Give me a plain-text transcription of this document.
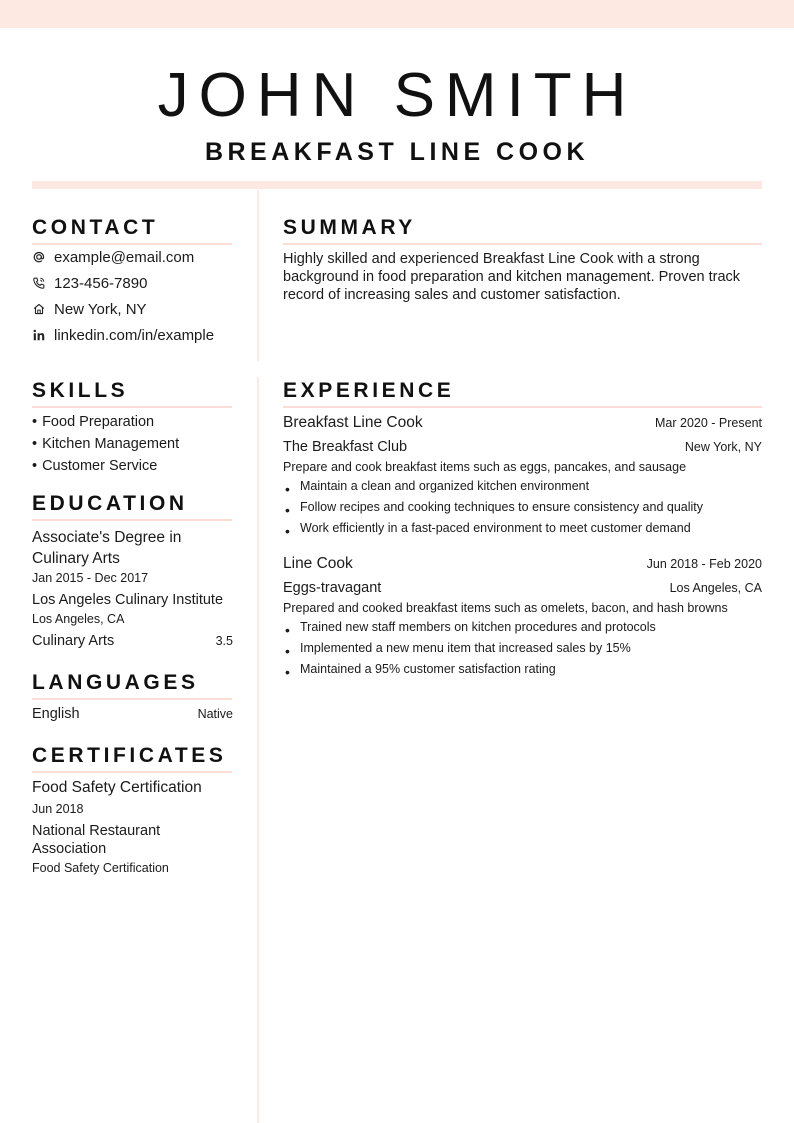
JOHN SMITH
BREAKFAST LINE COOK
CONTACT
example@email.com
123-456-7890
New York, NY
linkedin.com/in/example
SUMMARY
Highly skilled and experienced Breakfast Line Cook with a strong background in food preparation and kitchen management. Proven track record of increasing sales and customer satisfaction.
SKILLS
• Food Preparation
• Kitchen Management
• Customer Service
EDUCATION
Associate's Degree in Culinary Arts
Jan 2015 - Dec 2017
Los Angeles Culinary Institute
Los Angeles, CA
Culinary Arts	3.5
LANGUAGES
English	Native
CERTIFICATES
Food Safety Certification
Jun 2018
National Restaurant Association
Food Safety Certification
EXPERIENCE
Breakfast Line Cook	Mar 2020 - Present
The Breakfast Club	New York, NY
Prepare and cook breakfast items such as eggs, pancakes, and sausage
• Maintain a clean and organized kitchen environment
• Follow recipes and cooking techniques to ensure consistency and quality
• Work efficiently in a fast-paced environment to meet customer demand
Line Cook	Jun 2018 - Feb 2020
Eggs-travagant	Los Angeles, CA
Prepared and cooked breakfast items such as omelets, bacon, and hash browns
• Trained new staff members on kitchen procedures and protocols
• Implemented a new menu item that increased sales by 15%
• Maintained a 95% customer satisfaction rating
